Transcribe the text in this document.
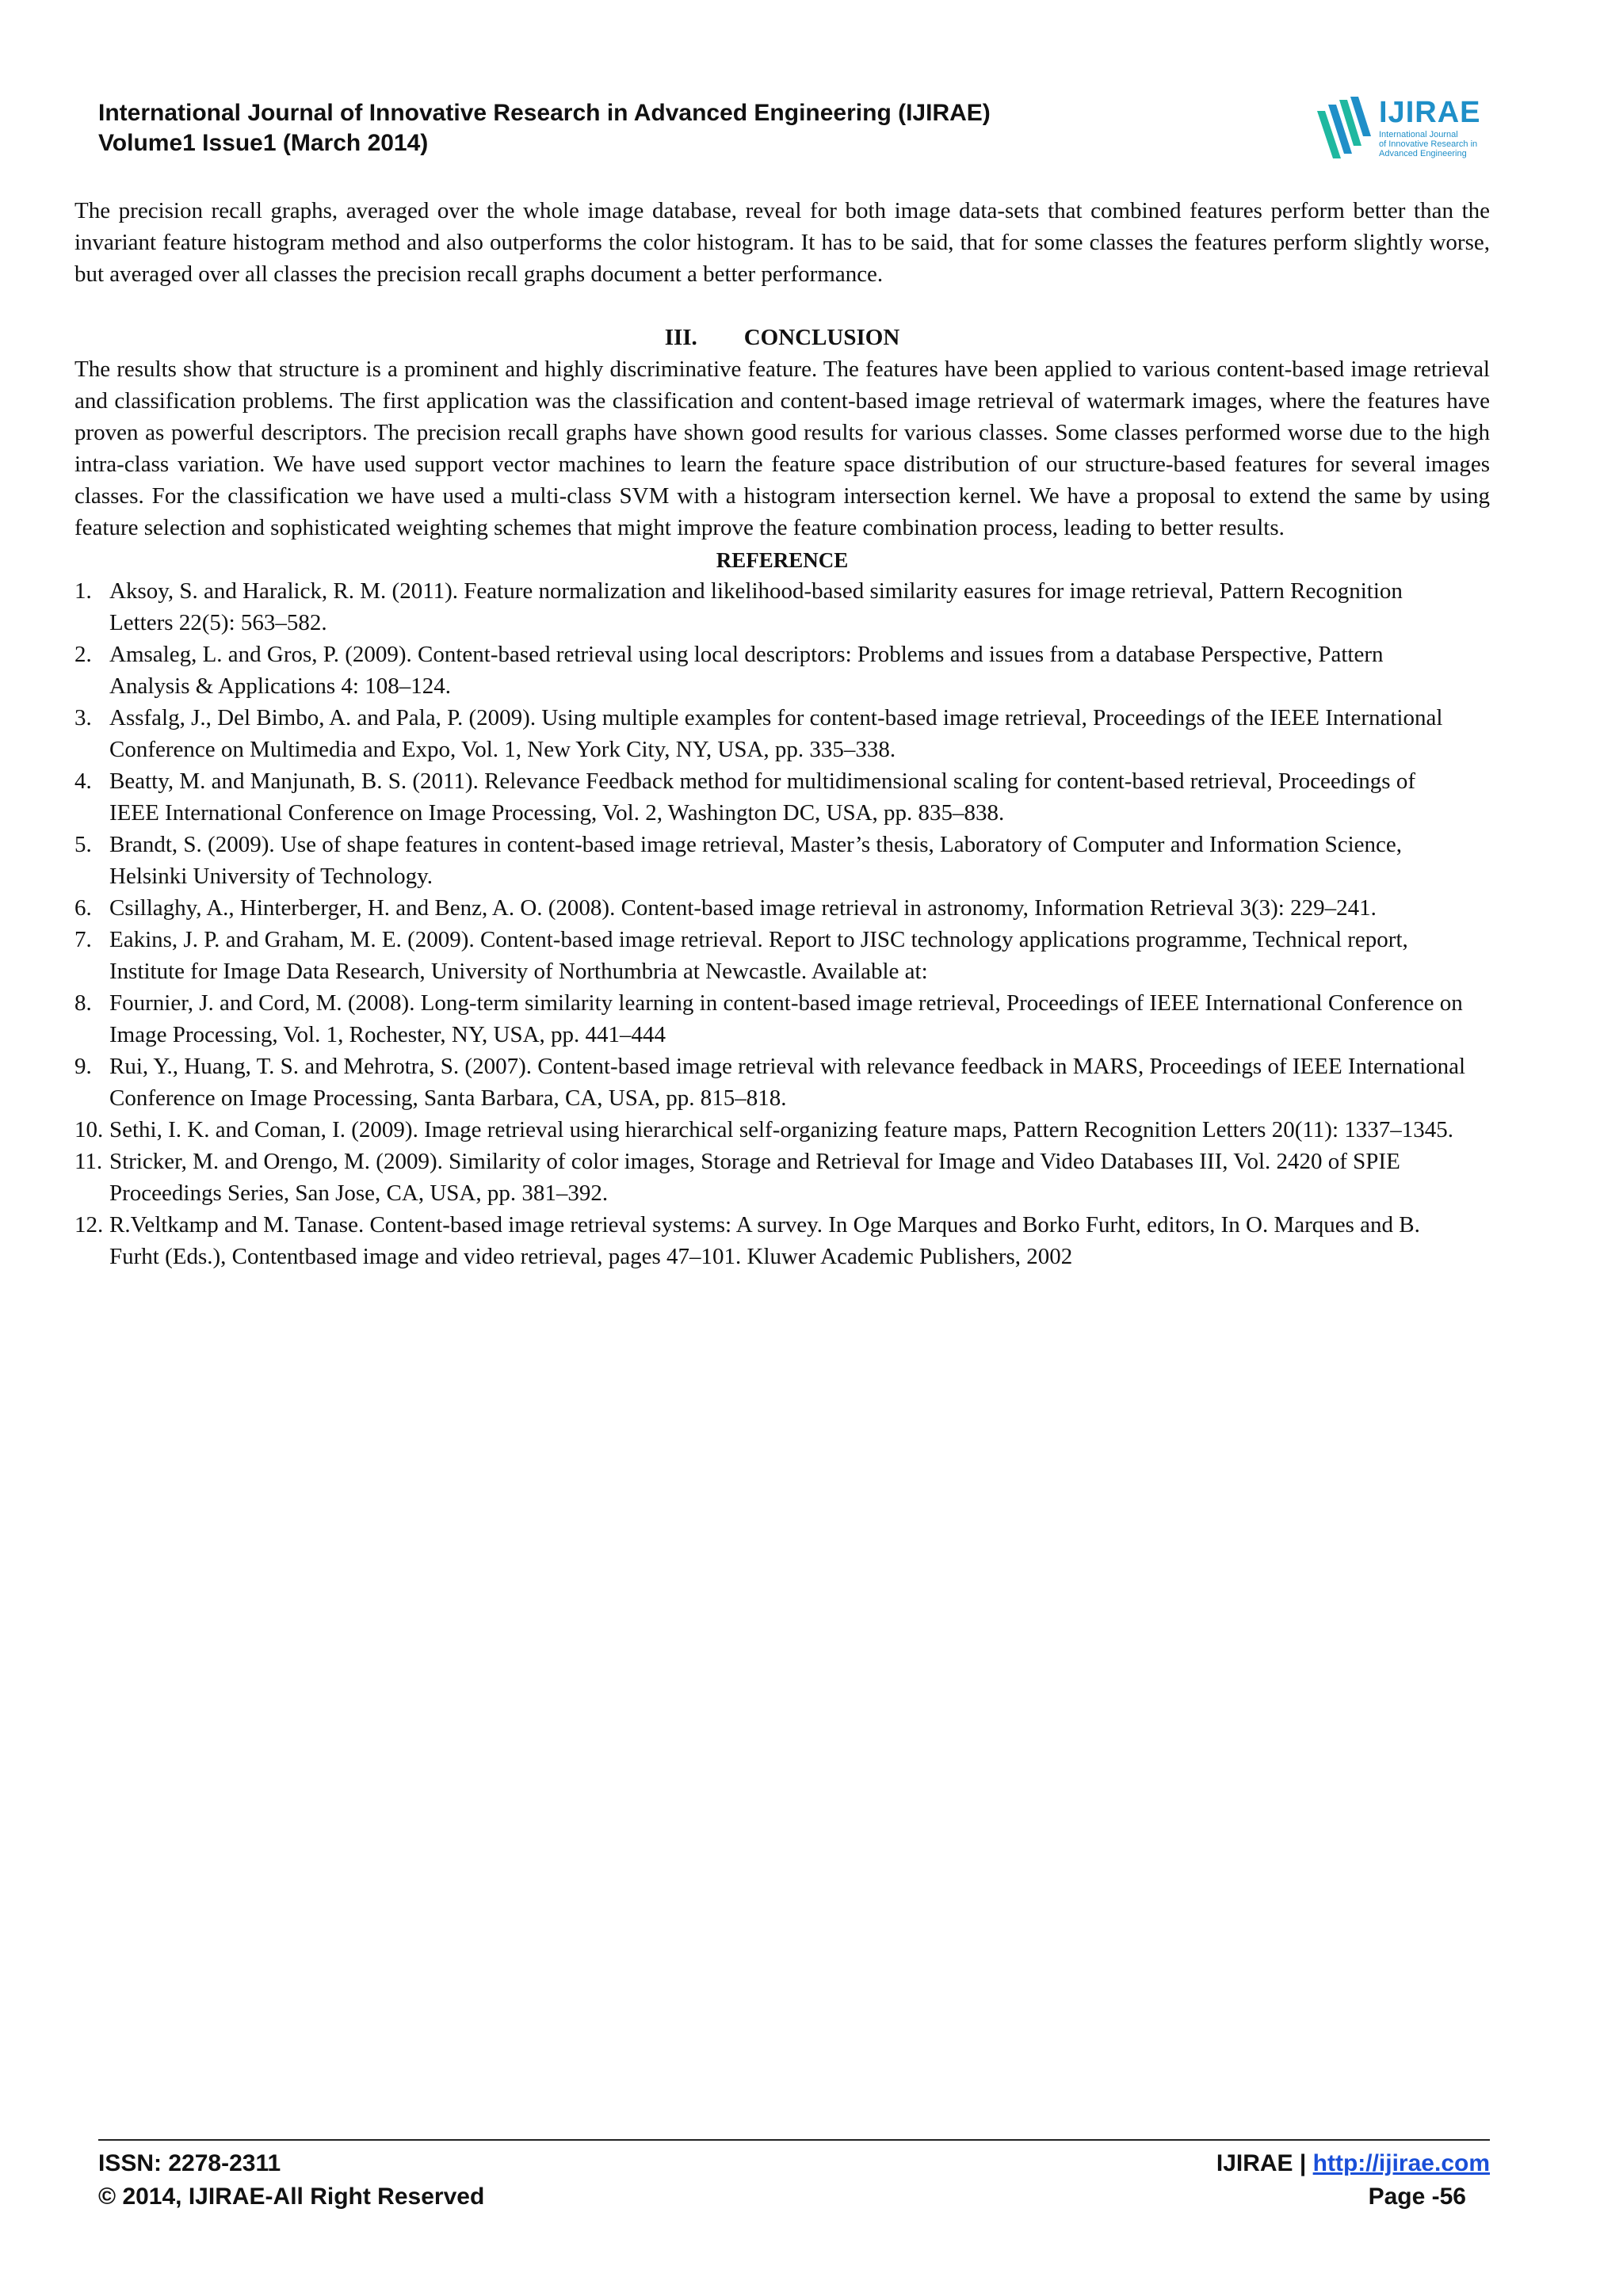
International Journal of Innovative Research in Advanced Engineering (IJIRAE)
Volume1 Issue1 (March 2014)
IJIRAE
International Journal
of Innovative Research in
Advanced Engineering

The precision recall graphs, averaged over the whole image database, reveal for both image data-sets that combined features perform better than the invariant feature histogram method and also outperforms the color histogram. It has to be said, that for some classes the features perform slightly worse, but averaged over all classes the precision recall graphs document a better performance.

III. CONCLUSION

The results show that structure is a prominent and highly discriminative feature. The features have been applied to various content-based image retrieval and classification problems. The first application was the classification and content-based image retrieval of watermark images, where the features have proven as powerful descriptors. The precision recall graphs have shown good results for various classes. Some classes performed worse due to the high intra-class variation. We have used support vector machines to learn the feature space distribution of our structure-based features for several images classes. For the classification we have used a multi-class SVM with a histogram intersection kernel. We have a proposal to extend the same by using feature selection and sophisticated weighting schemes that might improve the feature combination process, leading to better results.

REFERENCE
1. Aksoy, S. and Haralick, R. M. (2011). Feature normalization and likelihood-based similarity easures for image retrieval, Pattern Recognition Letters 22(5): 563–582.
2. Amsaleg, L. and Gros, P. (2009). Content-based retrieval using local descriptors: Problems and issues from a database Perspective, Pattern Analysis & Applications 4: 108–124.
3. Assfalg, J., Del Bimbo, A. and Pala, P. (2009). Using multiple examples for content-based image retrieval, Proceedings of the IEEE International Conference on Multimedia and Expo, Vol. 1, New York City, NY, USA, pp. 335–338.
4. Beatty, M. and Manjunath, B. S. (2011). Relevance Feedback method for multidimensional scaling for content-based retrieval, Proceedings of IEEE International Conference on Image Processing, Vol. 2, Washington DC, USA, pp. 835–838.
5. Brandt, S. (2009). Use of shape features in content-based image retrieval, Master’s thesis, Laboratory of Computer and Information Science, Helsinki University of Technology.
6. Csillaghy, A., Hinterberger, H. and Benz, A. O. (2008). Content-based image retrieval in astronomy, Information Retrieval 3(3): 229–241.
7. Eakins, J. P. and Graham, M. E. (2009). Content-based image retrieval. Report to JISC technology applications programme, Technical report, Institute for Image Data Research, University of Northumbria at Newcastle. Available at:
8. Fournier, J. and Cord, M. (2008). Long-term similarity learning in content-based image retrieval, Proceedings of IEEE International Conference on Image Processing, Vol. 1, Rochester, NY, USA, pp. 441–444
9. Rui, Y., Huang, T. S. and Mehrotra, S. (2007). Content-based image retrieval with relevance feedback in MARS, Proceedings of IEEE International Conference on Image Processing, Santa Barbara, CA, USA, pp. 815–818.
10. Sethi, I. K. and Coman, I. (2009). Image retrieval using hierarchical self-organizing feature maps, Pattern Recognition Letters 20(11): 1337–1345.
11. Stricker, M. and Orengo, M. (2009). Similarity of color images, Storage and Retrieval for Image and Video Databases III, Vol. 2420 of SPIE Proceedings Series, San Jose, CA, USA, pp. 381–392.
12. R.Veltkamp and M. Tanase. Content-based image retrieval systems: A survey. In Oge Marques and Borko Furht, editors, In O. Marques and B. Furht (Eds.), Contentbased image and video retrieval, pages 47–101. Kluwer Academic Publishers, 2002
ISSN: 2278-2311	IJIRAE | http://ijirae.com
© 2014, IJIRAE-All Right Reserved	Page -56
